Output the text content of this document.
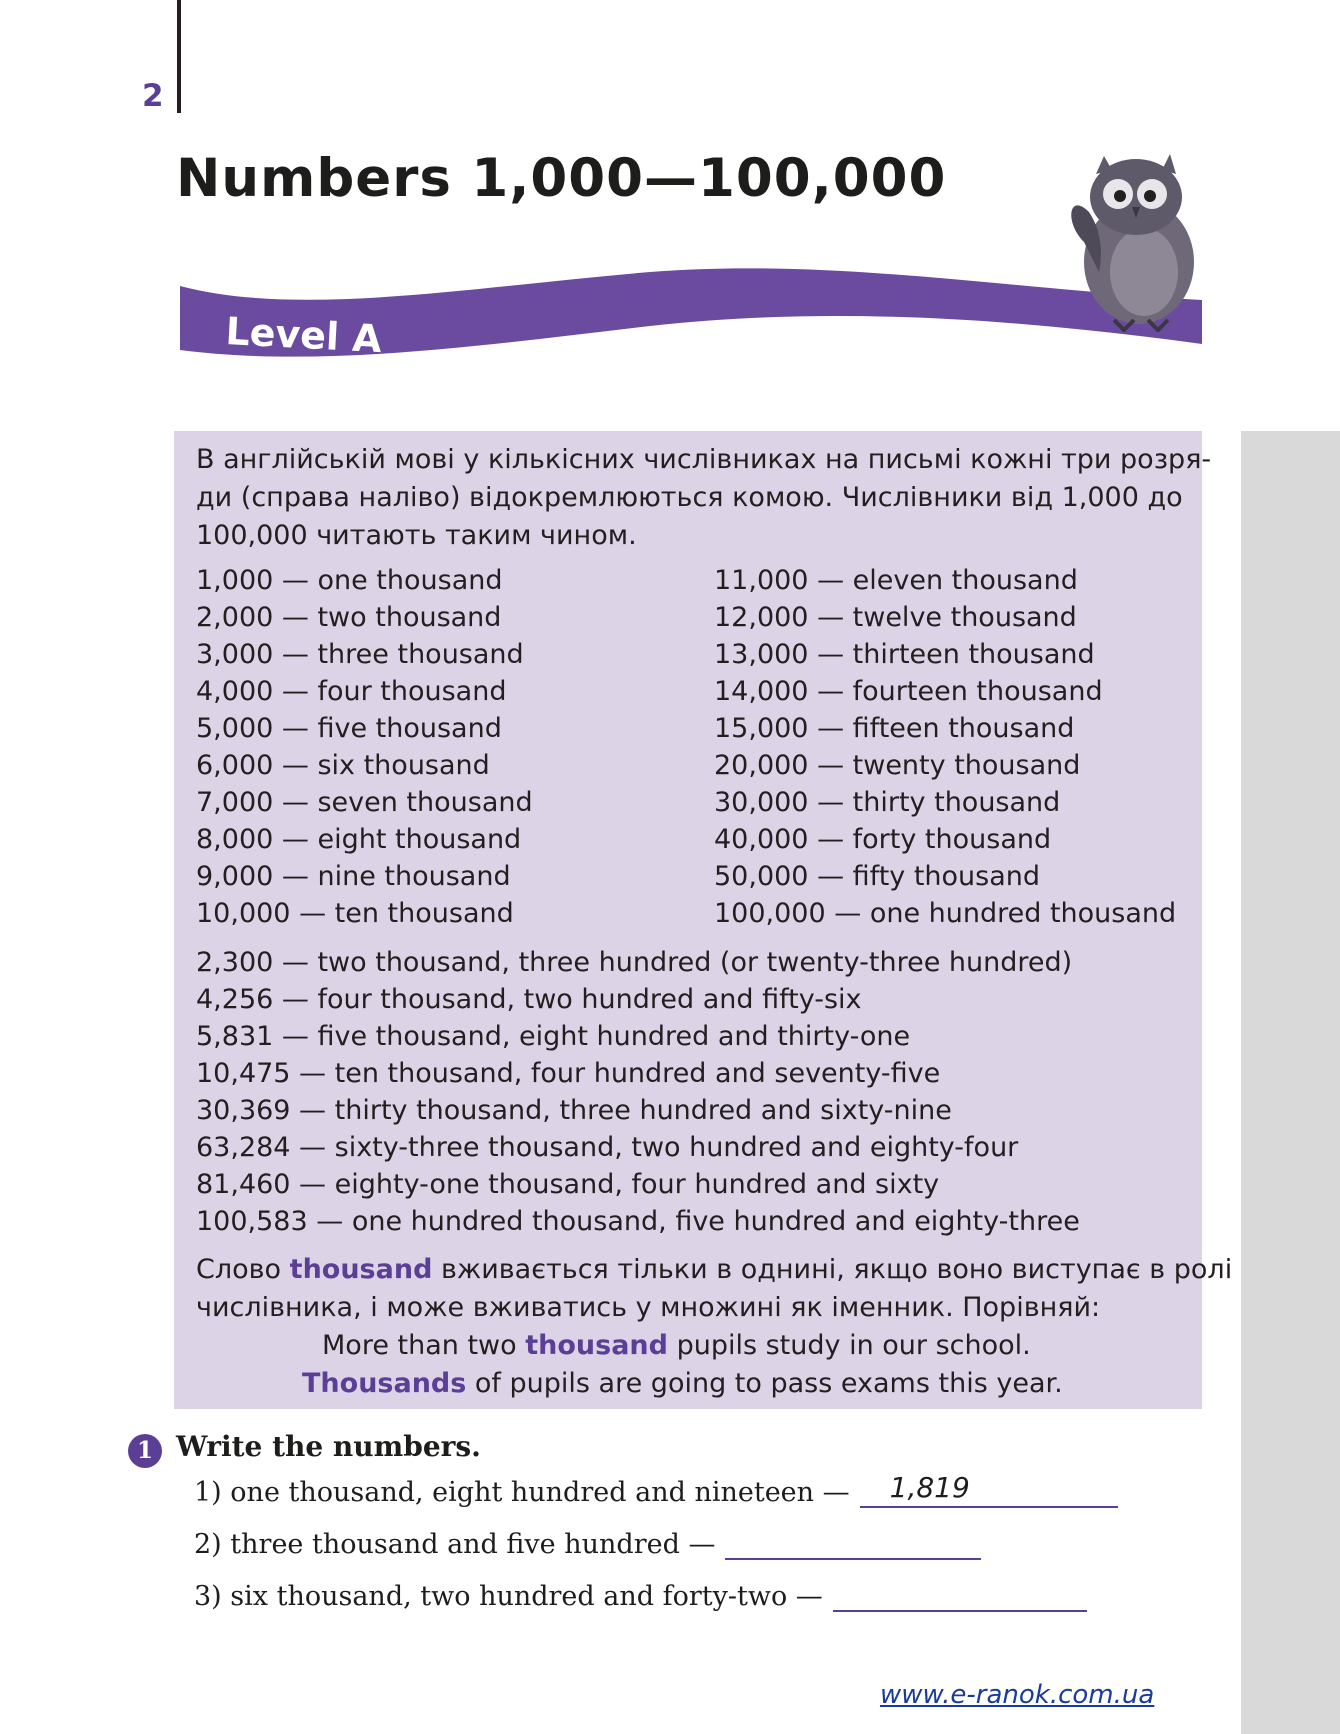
2
Numbers 1,000—100,000
Level A
В англійській мові у кількісних числівниках на письмі кожні три розря-
ди (справа наліво) відокремлюються комою. Числівники від 1,000 до
100,000 читають таким чином.
1,000 — one thousand
2,000 — two thousand
3,000 — three thousand
4,000 — four thousand
5,000 — five thousand
6,000 — six thousand
7,000 — seven thousand
8,000 — eight thousand
9,000 — nine thousand
10,000 — ten thousand
11,000 — eleven thousand
12,000 — twelve thousand
13,000 — thirteen thousand
14,000 — fourteen thousand
15,000 — fifteen thousand
20,000 — twenty thousand
30,000 — thirty thousand
40,000 — forty thousand
50,000 — fifty thousand
100,000 — one hundred thousand
2,300 — two thousand, three hundred (or twenty-three hundred)
4,256 — four thousand, two hundred and fifty-six
5,831 — five thousand, eight hundred and thirty-one
10,475 — ten thousand, four hundred and seventy-five
30,369 — thirty thousand, three hundred and sixty-nine
63,284 — sixty-three thousand, two hundred and eighty-four
81,460 — eighty-one thousand, four hundred and sixty
100,583 — one hundred thousand, five hundred and eighty-three
Слово thousand вживається тільки в однині, якщо воно виступає в ролі
числівника, і може вживатись у множині як іменник. Порівняй:
More than two thousand pupils study in our school.
Thousands of pupils are going to pass exams this year.
1 Write the numbers.
1) one thousand, eight hundred and nineteen — 1,819
2) three thousand and five hundred —
3) six thousand, two hundred and forty-two —
www.e-ranok.com.ua
